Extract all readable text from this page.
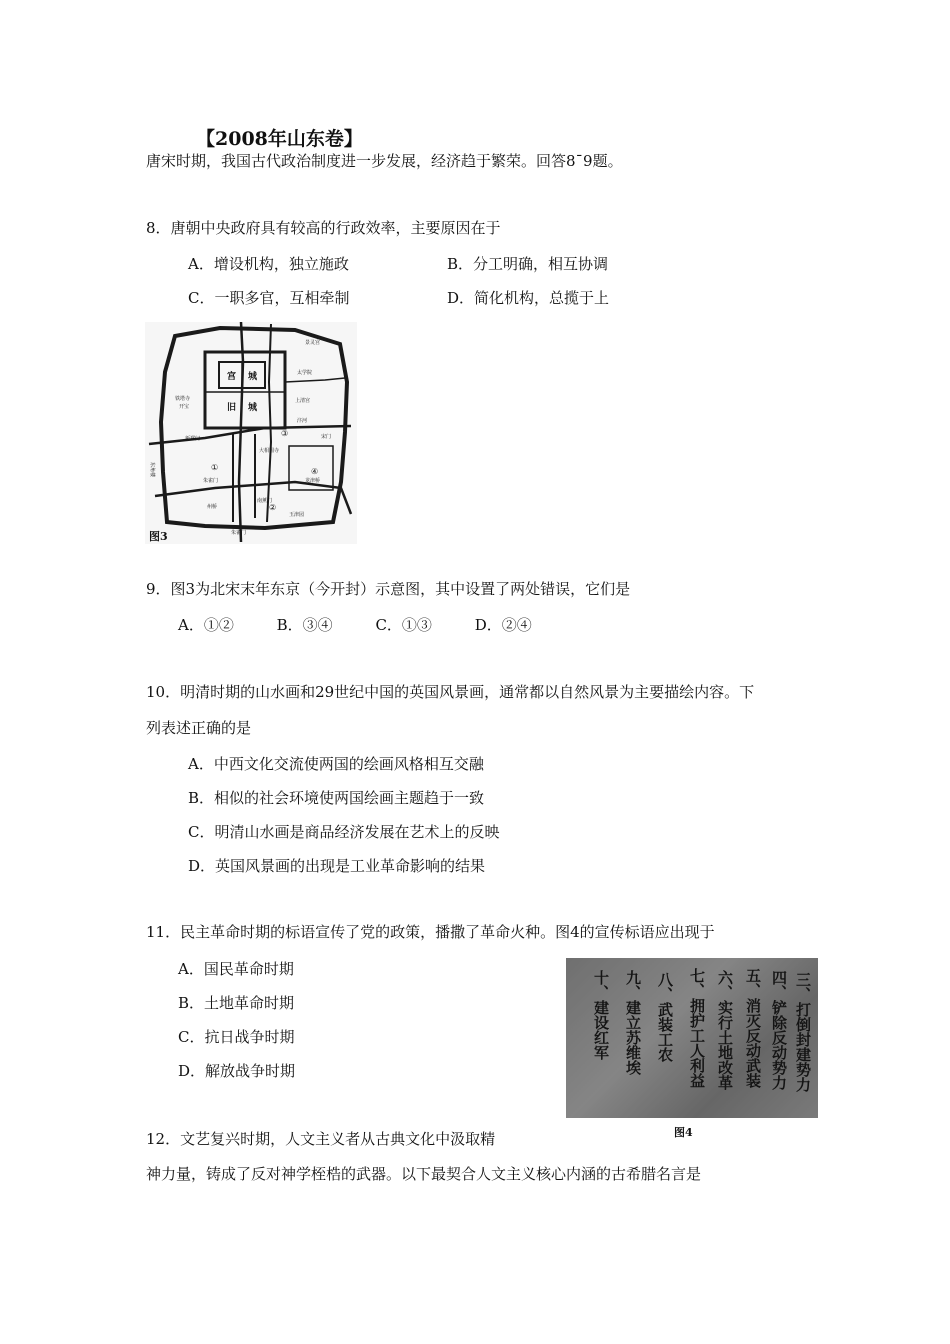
【2008年山东卷】
唐宋时期，我国古代政治制度进一步发展，经济趋于繁荣。回答8¯9题。
8．唐朝中央政府具有较高的行政效率，主要原因在于
A．增设机构，独立施政	B．分工明确，相互协调
C．一职多官，互相牵制	D．简化机构，总揽于上
宫 城
旧 城
景灵宫
太学院
上清宫
铁塔寺
开宝
新郑门
大相国寺
汴河
宋门
①
②
③
④
朱雀门	龙津桥
州桥
玉津园
南薰门
朱雀门
东角楼
图3
9．图3为北宋末年东京（今开封）示意图，其中设置了两处错误，它们是
A．①②	B．③④	C．①③	D．②④
10．明清时期的山水画和29世纪中国的英国风景画，通常都以自然风景为主要描绘内容。下
列表述正确的是
A．中西文化交流使两国的绘画风格相互交融
B．相似的社会环境使两国绘画主题趋于一致
C．明清山水画是商品经济发展在艺术上的反映
D．英国风景画的出现是工业革命影响的结果
11．民主革命时期的标语宣传了党的政策，播撒了革命火种。图4的宣传标语应出现于
A．国民革命时期
B．土地革命时期
C．抗日战争时期
D．解放战争时期	三、打倒封建势力
四、铲除反动势力
五、消灭反动武装
六、实行土地改革
七、拥护工人利益
八、武装工农
九、建立苏维埃
十、建设红军
图4
12．文艺复兴时期，人文主义者从古典文化中汲取精
神力量，铸成了反对神学桎梏的武器。以下最契合人文主义核心内涵的古希腊名言是
